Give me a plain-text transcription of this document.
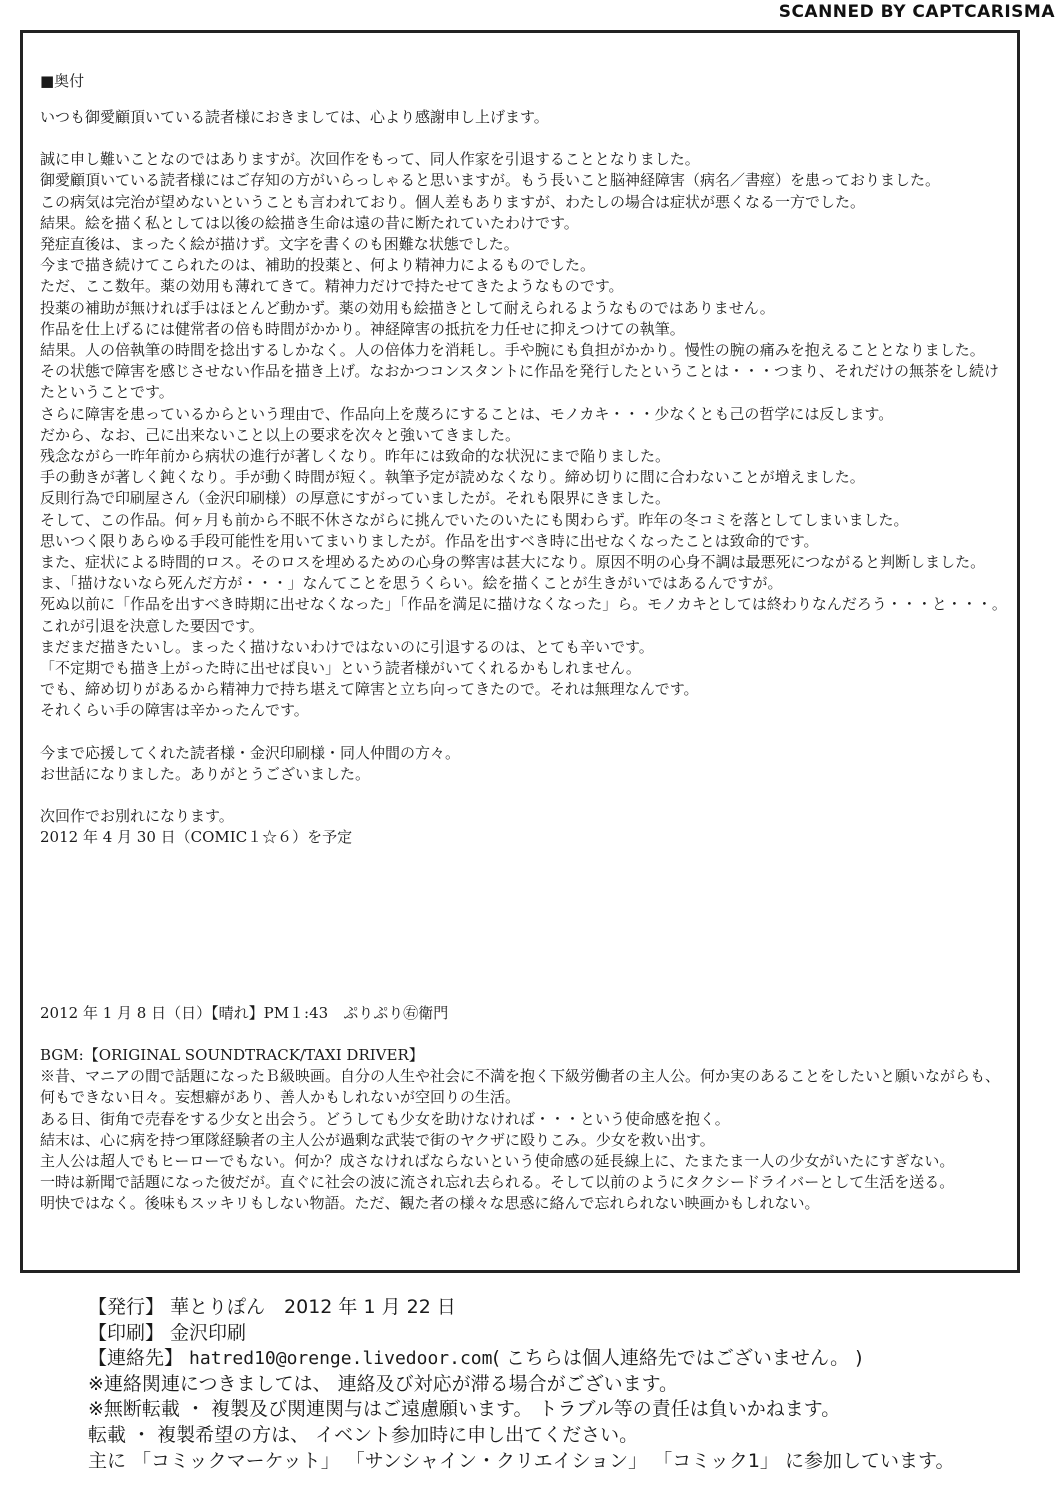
SCANNED BY CAPTCARISMA
■奥付

いつも御愛顧頂いている読者様におきましては、心より感謝申し上げます。

誠に申し難いことなのではありますが。次回作をもって、同人作家を引退することとなりました。

御愛顧頂いている読者様にはご存知の方がいらっしゃると思いますが。もう長いこと脳神経障害（病名／書痙）を患っておりました。

この病気は完治が望めないということも言われており。個人差もありますが、わたしの場合は症状が悪くなる一方でした。

結果。絵を描く私としては以後の絵描き生命は遠の昔に断たれていたわけです。

発症直後は、まったく絵が描けず。文字を書くのも困難な状態でした。

今まで描き続けてこられたのは、補助的投薬と、何より精神力によるものでした。

ただ、ここ数年。薬の効用も薄れてきて。精神力だけで持たせてきたようなものです。

投薬の補助が無ければ手はほとんど動かず。薬の効用も絵描きとして耐えられるようなものではありません。

作品を仕上げるには健常者の倍も時間がかかり。神経障害の抵抗を力任せに抑えつけての執筆。

結果。人の倍執筆の時間を捻出するしかなく。人の倍体力を消耗し。手や腕にも負担がかかり。慢性の腕の痛みを抱えることとなりました。

その状態で障害を感じさせない作品を描き上げ。なおかつコンスタントに作品を発行したということは・・・つまり、それだけの無茶をし続けたということです。

さらに障害を患っているからという理由で、作品向上を蔑ろにすることは、モノカキ・・・少なくとも己の哲学には反します。

だから、なお、己に出来ないこと以上の要求を次々と強いてきました。

残念ながら一昨年前から病状の進行が著しくなり。昨年には致命的な状況にまで陥りました。

手の動きが著しく鈍くなり。手が動く時間が短く。執筆予定が読めなくなり。締め切りに間に合わないことが増えました。

反則行為で印刷屋さん（金沢印刷様）の厚意にすがっていましたが。それも限界にきました。

そして、この作品。何ヶ月も前から不眠不休さながらに挑んでいたのいたにも関わらず。昨年の冬コミを落としてしまいました。

思いつく限りあらゆる手段可能性を用いてまいりましたが。作品を出すべき時に出せなくなったことは致命的です。

また、症状による時間的ロス。そのロスを埋めるための心身の弊害は甚大になり。原因不明の心身不調は最悪死につながると判断しました。

ま、「描けないなら死んだ方が・・・」なんてことを思うくらい。絵を描くことが生きがいではあるんですが。

死ぬ以前に「作品を出すべき時期に出せなくなった」「作品を満足に描けなくなった」ら。モノカキとしては終わりなんだろう・・・と・・・。

これが引退を決意した要因です。

まだまだ描きたいし。まったく描けないわけではないのに引退するのは、とても辛いです。

「不定期でも描き上がった時に出せば良い」という読者様がいてくれるかもしれません。

でも、締め切りがあるから精神力で持ち堪えて障害と立ち向ってきたので。それは無理なんです。

それくらい手の障害は辛かったんです。

今まで応援してくれた読者様・金沢印刷様・同人仲間の方々。

お世話になりました。ありがとうございました。

次回作でお別れになります。

2012 年 4 月 30 日（COMIC１☆６）を予定

2012 年 1 月 8 日（日）【晴れ】PM１:43　ぷりぷり㊨衛門

BGM:【ORIGINAL SOUNDTRACK/TAXI DRIVER】

※昔、マニアの間で話題になったＢ級映画。自分の人生や社会に不満を抱く下級労働者の主人公。何か実のあることをしたいと願いながらも、何もできない日々。妄想癖があり、善人かもしれないが空回りの生活。

ある日、街角で売春をする少女と出会う。どうしても少女を助けなければ・・・という使命感を抱く。

結末は、心に病を持つ軍隊経験者の主人公が過剰な武装で街のヤクザに殴りこみ。少女を救い出す。

主人公は超人でもヒーローでもない。何か？成さなければならないという使命感の延長線上に、たまたま一人の少女がいたにすぎない。

一時は新聞で話題になった彼だが。直ぐに社会の波に流され忘れ去られる。そして以前のようにタクシードライバーとして生活を送る。

明快ではなく。後味もスッキリもしない物語。ただ、観た者の様々な思惑に絡んで忘れられない映画かもしれない。

【発行】 華とりぽん　2012 年 1 月 22 日

【印刷】 金沢印刷

【連絡先】 hatred10@orenge.livedoor.com( こちらは個人連絡先ではございません。 )

※連絡関連につきましては、 連絡及び対応が滞る場合がございます。

※無断転載 ・ 複製及び関連関与はご遠慮願います。 トラブル等の責任は負いかねます。

転載 ・ 複製希望の方は、 イベント参加時に申し出てください。

主に 「コミックマーケット」 「サンシャイン・クリエイション」 「コミック1」 に参加しています。
